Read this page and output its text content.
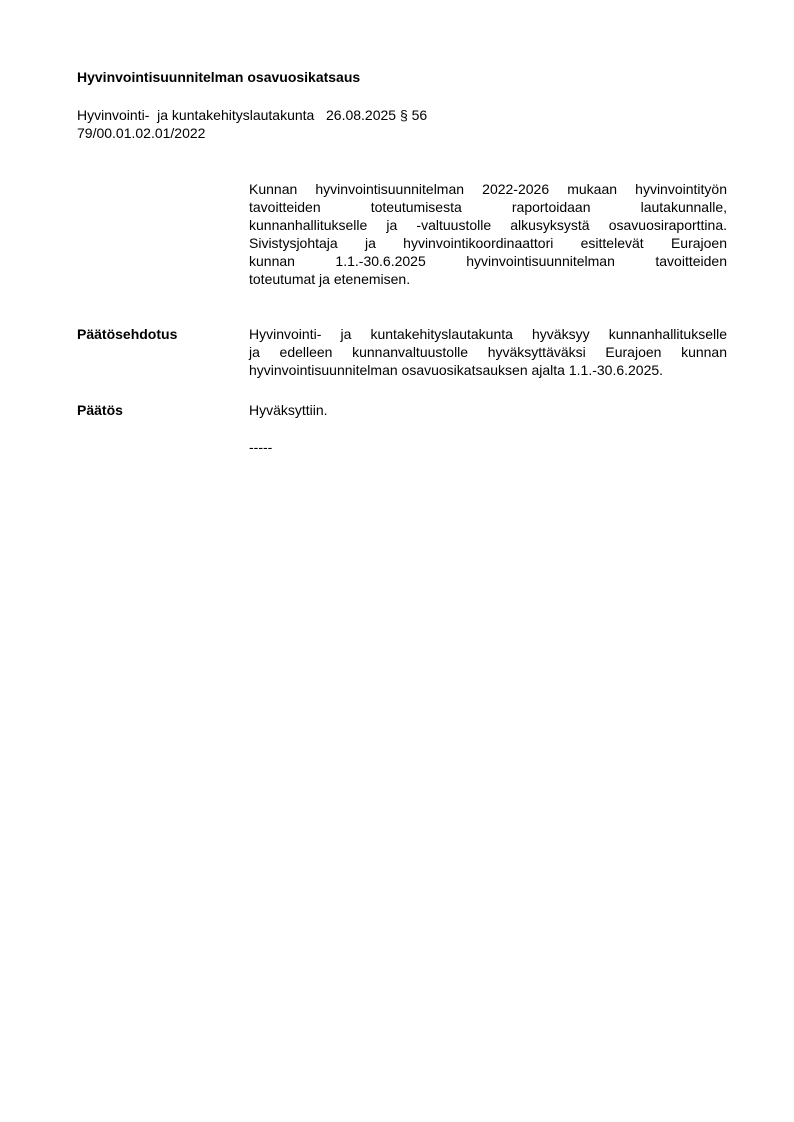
Hyvinvointisuunnitelman osavuosikatsaus
Hyvinvointi-  ja kuntakehityslautakunta   26.08.2025 § 56
79/00.01.02.01/2022
Kunnan hyvinvointisuunnitelman 2022-2026 mukaan hyvinvointityön
tavoitteiden toteutumisesta raportoidaan lautakunnalle,
kunnanhallitukselle ja -valtuustolle alkusyksystä osavuosiraporttina.
Sivistysjohtaja ja hyvinvointikoordinaattori esittelevät Eurajoen
kunnan 1.1.-30.6.2025 hyvinvointisuunnitelman tavoitteiden
toteutumat ja etenemisen.
Päätösehdotus	Hyvinvointi- ja kuntakehityslautakunta hyväksyy kunnanhallitukselle
ja edelleen kunnanvaltuustolle hyväksyttäväksi Eurajoen kunnan
hyvinvointisuunnitelman osavuosikatsauksen ajalta 1.1.-30.6.2025.
Päätös	Hyväksyttiin.
-----
